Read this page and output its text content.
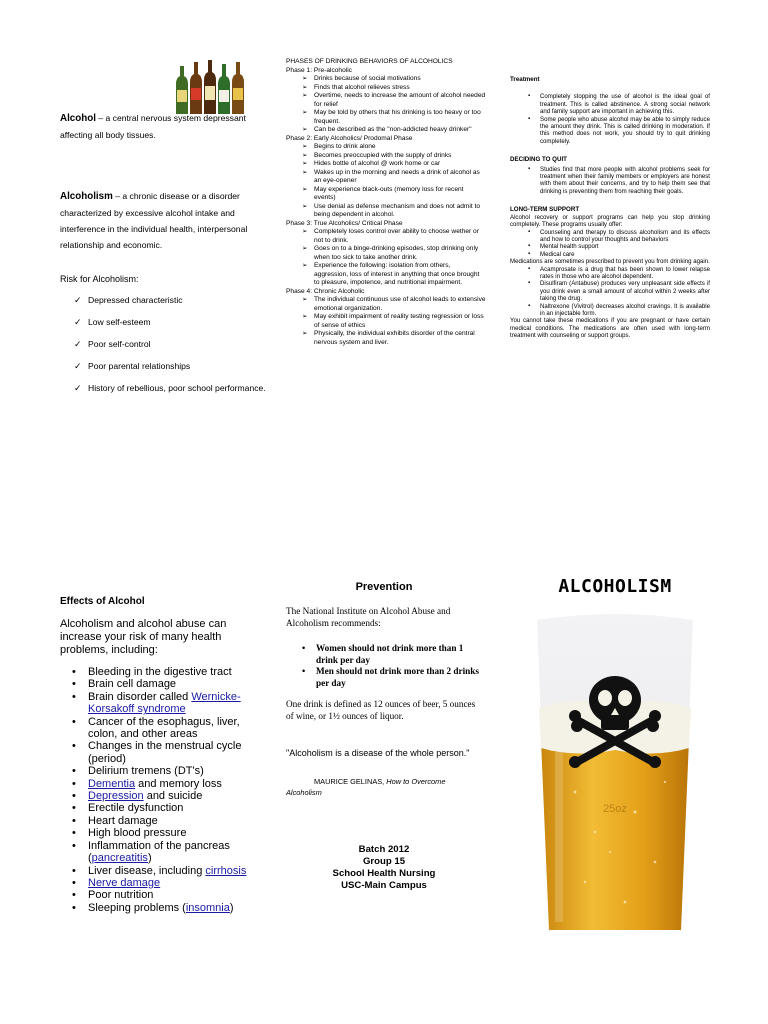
Alcohol – a central nervous system depressant affecting all body tissues.
Alcoholism – a chronic disease or a disorder characterized by excessive alcohol intake and interference in the individual health, interpersonal relationship and economic.
Risk for Alcoholism:
✓ Depressed characteristic
✓ Low self-esteem
✓ Poor self-control
✓ Poor parental relationships
✓ History of rebellious, poor school performance.

PHASES OF DRINKING BEHAVIORS OF ALCOHOLICS

Phase 1: Pre-alcoholic

➢ Drinks because of social motivations
➢ Finds that alcohol relieves stress
➢ Overtime, needs to increase the amount of alcohol needed for relief
➢ May be told by others that his drinking is too heavy or too frequent.
➢ Can be described as the "non-addicted heavy drinker"

Phase 2: Early Alcoholics/ Prodomal Phase

➢ Begins to drink alone
➢ Becomes preoccupied with the supply of drinks
➢ Hides bottle of alcohol @ work home or car
➢ Wakes up in the morning and needs a drink of alcohol as an eye-opener
➢ May experience black-outs (memory loss for recent events)
➢ Use denial as defense mechanism and does not admit to being dependent in alcohol.

Phase 3: True Alcoholics/ Critical Phase

➢ Completely loses control over ability to choose wether or not to drink.
➢ Goes on to a binge-drinking episodes, stop drinking only when too sick to take another drink.
➢ Experience the following: isolation from others, aggression, loss of interest in anything that once brought to pleasure, impotence, and nutritional impairment.

Phase 4: Chronic Alcoholic

➢ The individual continuous use of alcohol leads to extensive emotional organization.
➢ May exhibit impairment of reality testing regression or loss of sense of ethics
➢ Physically, the individual exhibits disorder of the central nervous system and liver.

Treatment

▪ Completely stopping the use of alcohol is the ideal goal of treatment. This is called abstinence. A strong social network and family support are important in achieving this.
▪ Some people who abuse alcohol may be able to simply reduce the amount they drink. This is called drinking in moderation. If this method does not work, you should try to quit drinking completely.

DECIDING TO QUIT

▪ Studies find that more people with alcohol problems seek for treatment when their family members or employers are honest with them about their concerns, and try to help them see that drinking is preventing them from reaching their goals.

LONG-TERM SUPPORT

Alcohol recovery or support programs can help you stop drinking completely. These programs usually offer:

▪ Counseling and therapy to discuss alcoholism and its effects and how to control your thoughts and behaviors
▪ Mental health support
▪ Medical care

Medications are sometimes prescribed to prevent you from drinking again.

▪ Acamprosate is a drug that has been shown to lower relapse rates in those who are alcohol dependent.
▪ Disulfiram (Antabuse) produces very unpleasant side effects if you drink even a small amount of alcohol within 2 weeks after taking the drug.
▪ Naltrexone (Vivitrol) decreases alcohol cravings. It is available in an injectable form.

You cannot take these medications if you are pregnant or have certain medical conditions. The medications are often used with long-term treatment with counseling or support groups.

Effects of Alcohol
Alcoholism and alcohol abuse can increase your risk of many health problems, including:
• Bleeding in the digestive tract
• Brain cell damage
• Brain disorder called Wernicke-Korsakoff syndrome
• Cancer of the esophagus, liver, colon, and other areas
• Changes in the menstrual cycle (period)
• Delirium tremens (DT's)
• Dementia and memory loss
• Depression and suicide
• Erectile dysfunction
• Heart damage
• High blood pressure
• Inflammation of the pancreas (pancreatitis)
• Liver disease, including cirrhosis
• Nerve damage
• Poor nutrition
• Sleeping problems (insomnia)
Prevention

The National Institute on Alcohol Abuse and Alcoholism recommends:

• Women should not drink more than 1 drink per day
• Men should not drink more than 2 drinks per day

One drink is defined as 12 ounces of beer, 5 ounces of wine, or 1½ ounces of liquor.

"Alcoholism is a disease of the whole person."
MAURICE GELINAS, How to Overcome Alcoholism
Batch 2012
Group 15
School Health Nursing
USC-Main Campus
ALCOHOLISM
25oz
